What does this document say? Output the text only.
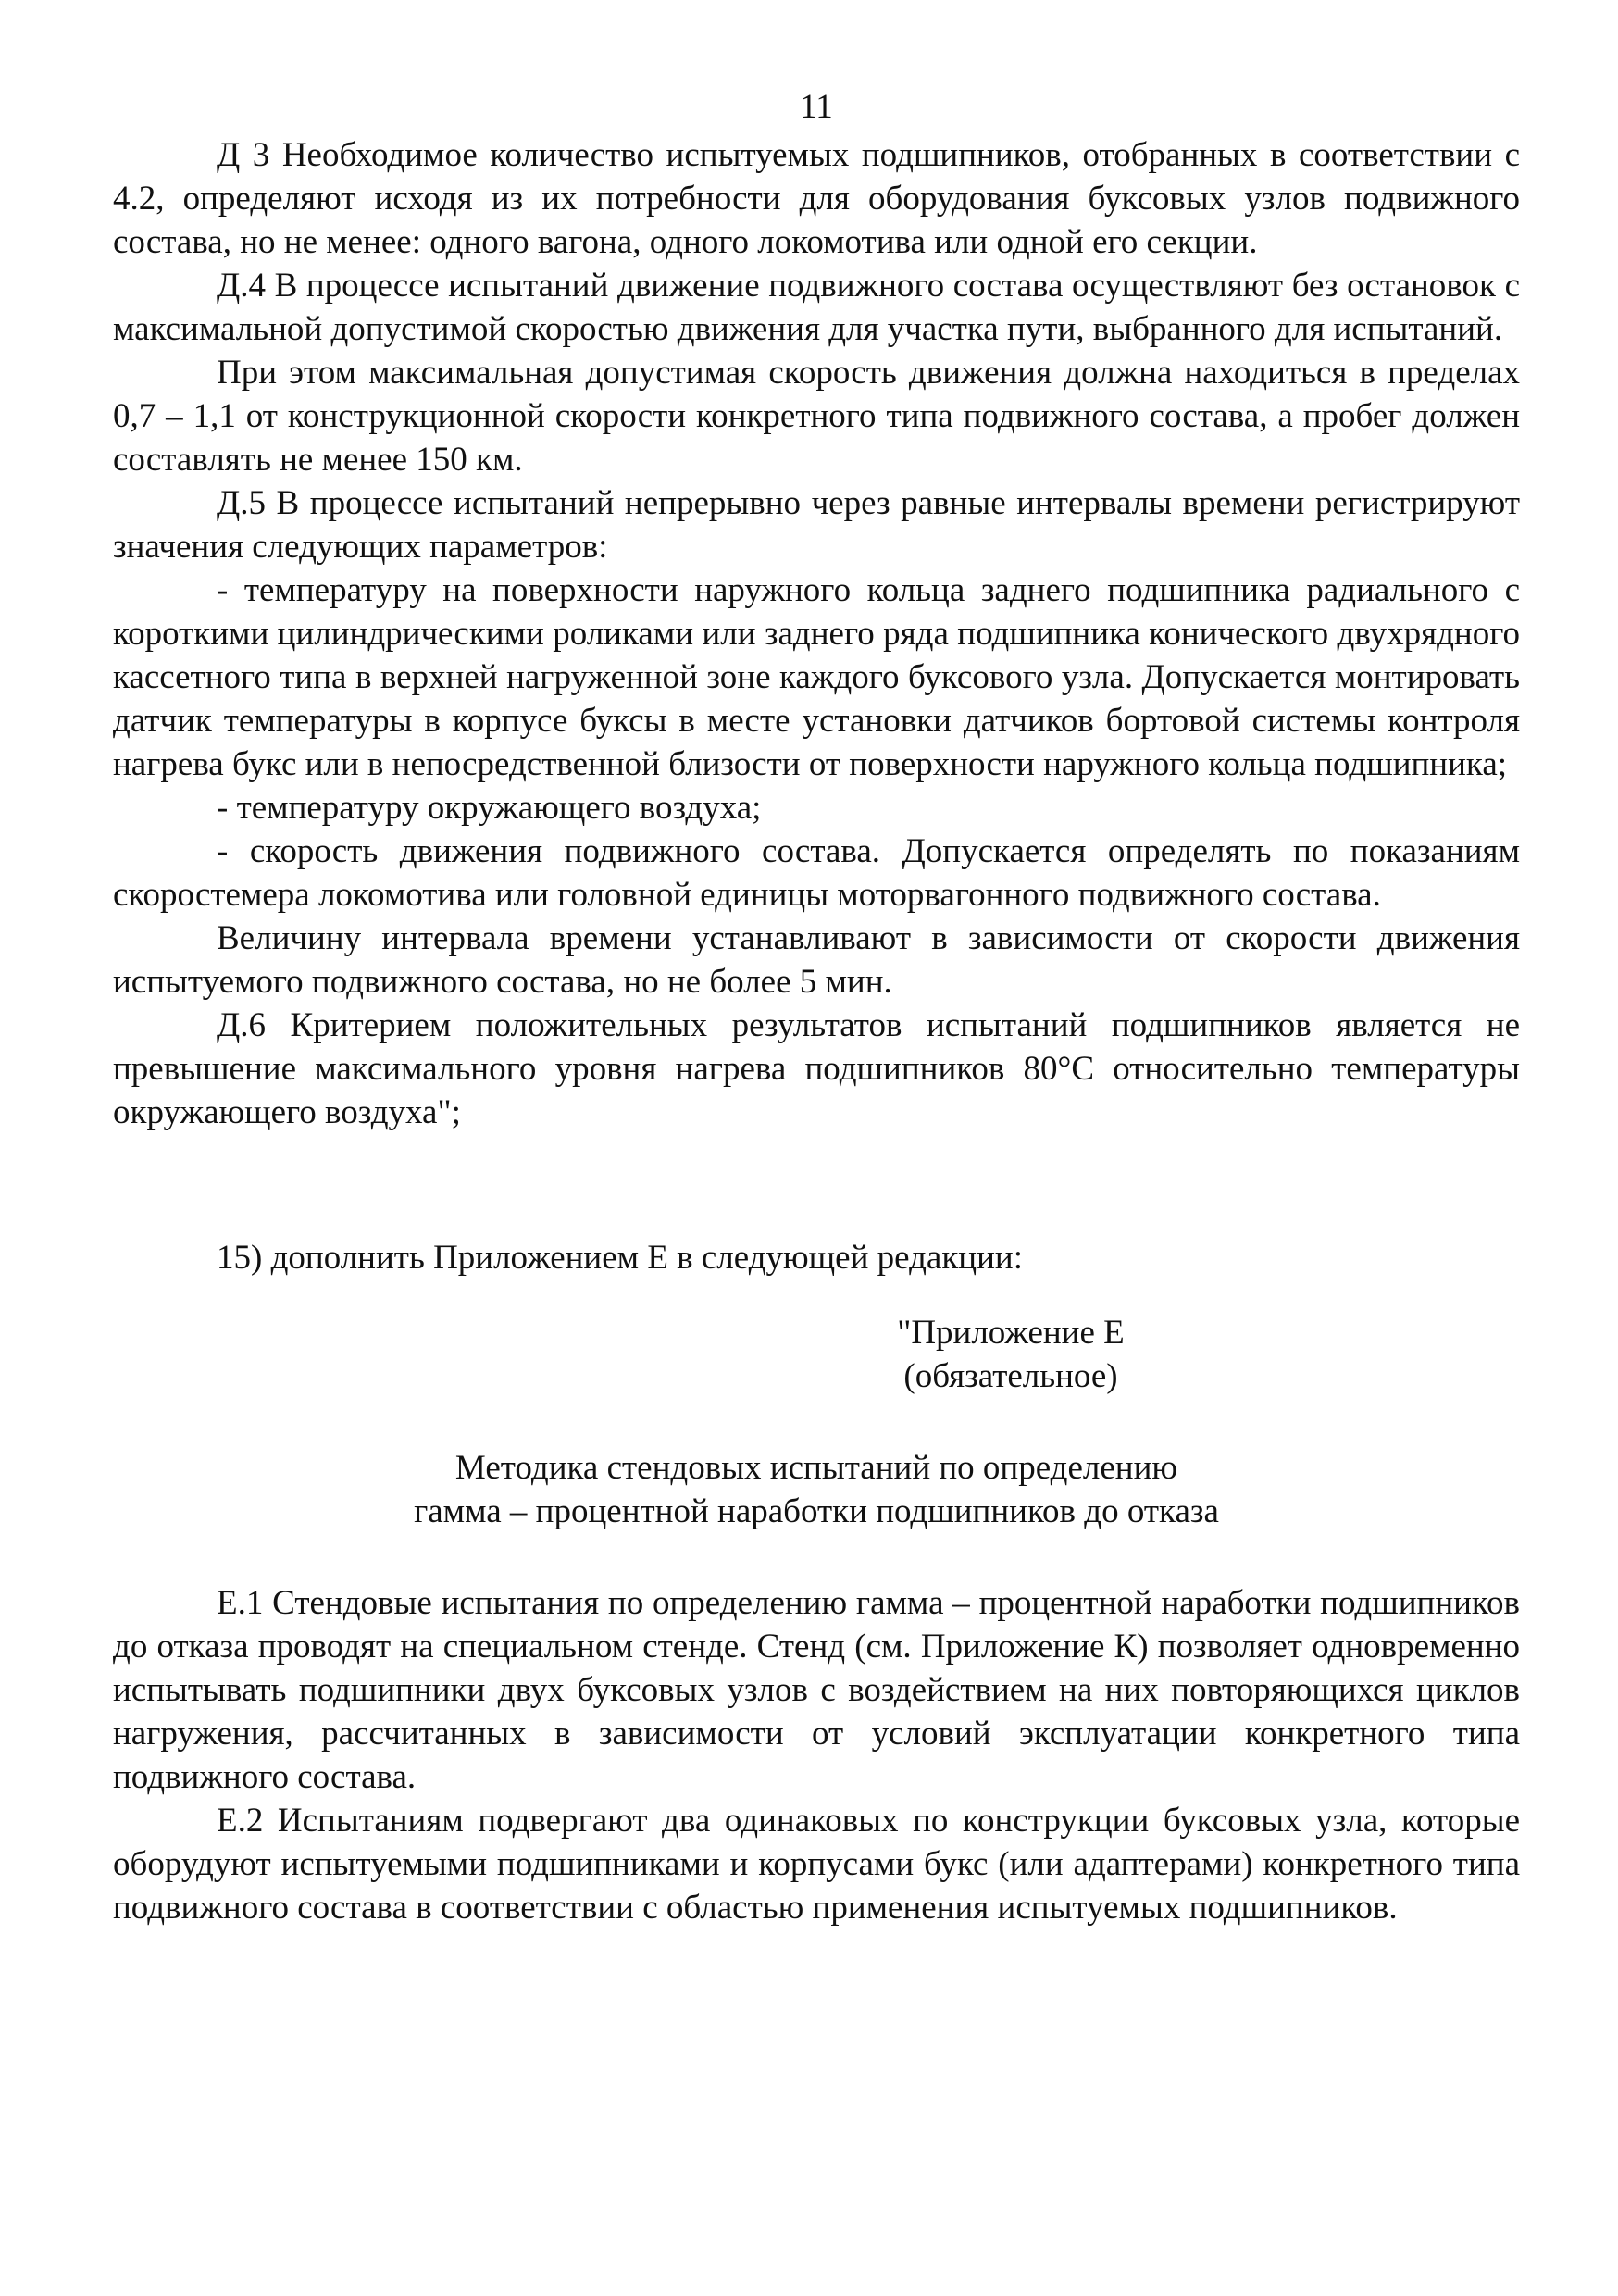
11

Д 3 Необходимое количество испытуемых подшипников, отобранных в соответствии с 4.2, определяют исходя из их потребности для оборудования буксовых узлов подвижного состава, но не менее: одного вагона, одного локомотива или одной его секции.

Д.4 В процессе испытаний движение подвижного состава осуществляют без остановок с максимальной допустимой скоростью движения для участка пути, выбранного для испытаний.

При этом максимальная допустимая скорость движения должна находиться в пределах 0,7 – 1,1 от конструкционной скорости конкретного типа подвижного состава, а пробег должен составлять не менее 150 км.

Д.5 В процессе испытаний непрерывно через равные интервалы времени регистрируют значения следующих параметров:

- температуру на поверхности наружного кольца заднего подшипника радиального с короткими цилиндрическими роликами или заднего ряда подшипника конического двухрядного кассетного типа в верхней нагруженной зоне каждого буксового узла. Допускается монтировать датчик температуры в корпусе буксы в месте установки датчиков бортовой системы контроля нагрева букс или в непосредственной близости от поверхности наружного кольца подшипника;

- температуру окружающего воздуха;

- скорость движения подвижного состава. Допускается определять по показаниям скоростемера локомотива или головной единицы моторвагонного подвижного состава.

Величину интервала времени устанавливают в зависимости от скорости движения испытуемого подвижного состава, но не более 5 мин.

Д.6 Критерием положительных результатов испытаний подшипников является не превышение максимального уровня нагрева подшипников 80°С относительно температуры окружающего воздуха";

15) дополнить Приложением Е в следующей редакции:

"Приложение Е

(обязательное)

Методика стендовых испытаний по определению

гамма – процентной наработки подшипников до отказа

Е.1 Стендовые испытания по определению гамма – процентной наработки подшипников до отказа проводят на специальном стенде. Стенд (см. Приложение К) позволяет одновременно испытывать подшипники двух буксовых узлов с воздействием на них повторяющихся циклов нагружения, рассчитанных в зависимости от условий эксплуатации конкретного типа подвижного состава.

Е.2 Испытаниям подвергают два одинаковых по конструкции буксовых узла, которые оборудуют испытуемыми подшипниками и корпусами букс (или адаптерами) конкретного типа подвижного состава в соответствии с областью применения испытуемых подшипников.
